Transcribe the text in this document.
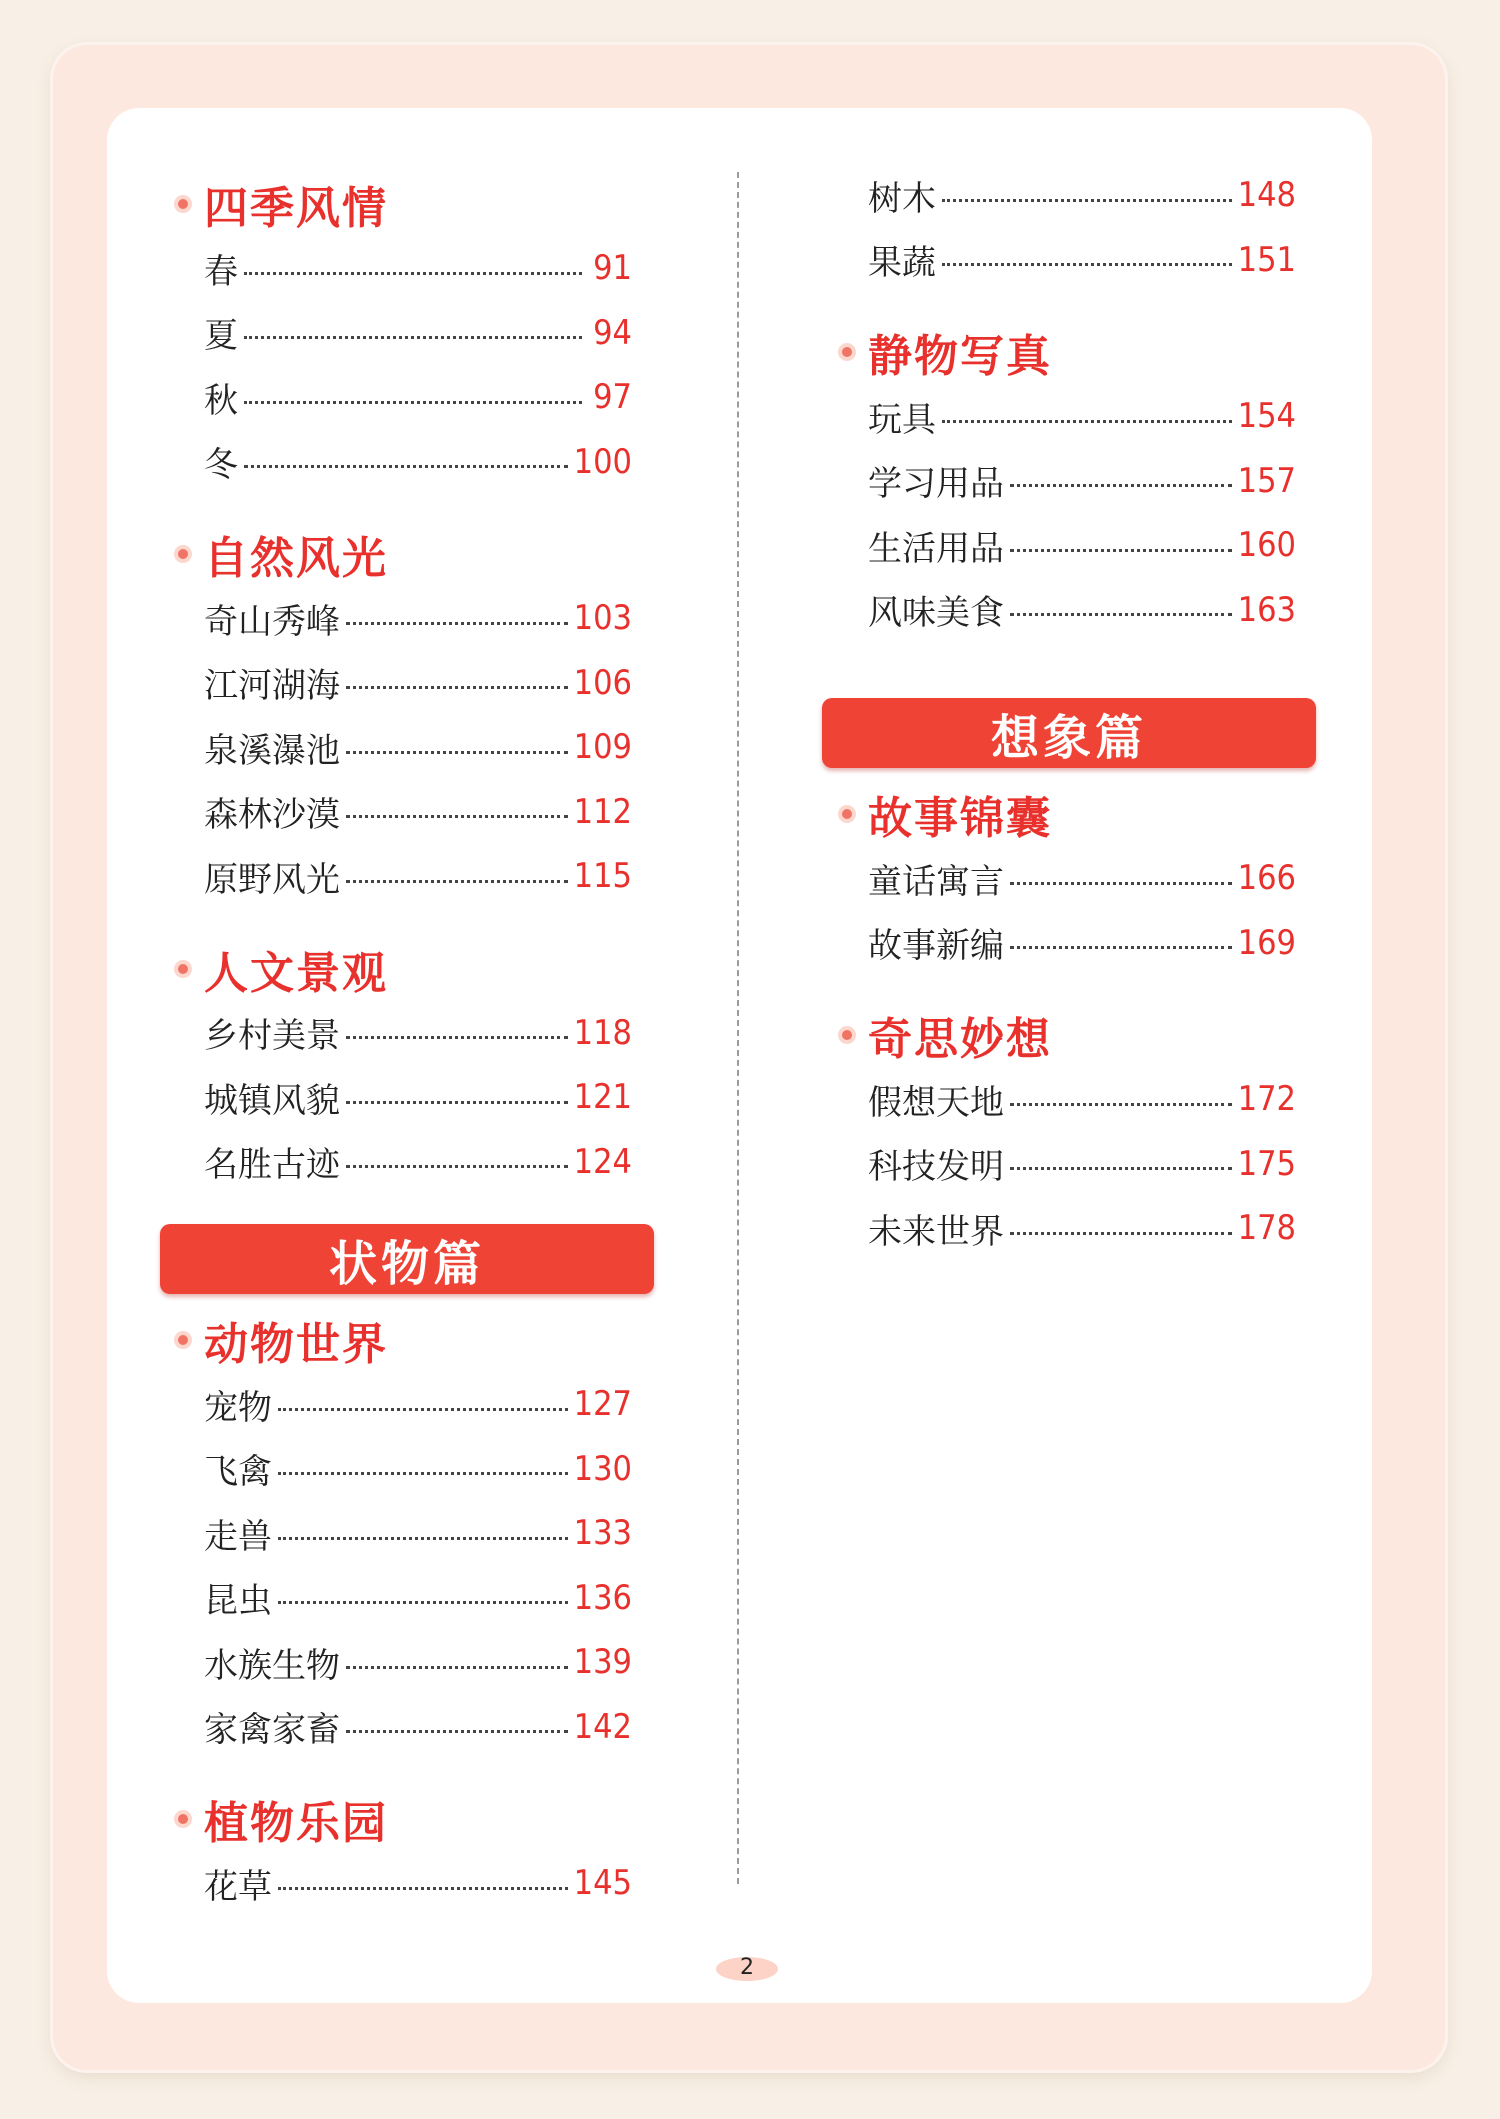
四季风情
春	91
夏	94
秋	97
冬	100
自然风光
奇山秀峰	103
江河湖海	106
泉溪瀑池	109
森林沙漠	112
原野风光	115
人文景观
乡村美景	118
城镇风貌	121
名胜古迹	124
状物篇
动物世界
宠物	127
飞禽	130
走兽	133
昆虫	136
水族生物	139
家禽家畜	142
植物乐园
花草	145
树木	148
果蔬	151
静物写真
玩具	154
学习用品	157
生活用品	160
风味美食	163
想象篇
故事锦囊
童话寓言	166
故事新编	169
奇思妙想
假想天地	172
科技发明	175
未来世界	178
2
